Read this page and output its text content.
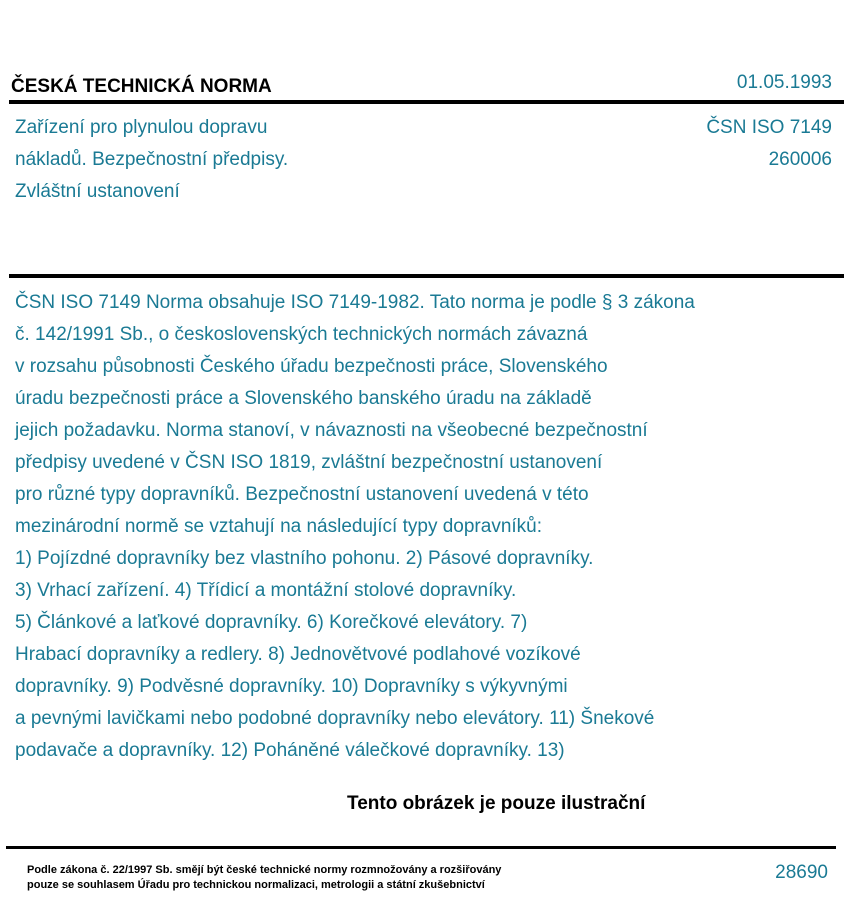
ČESKÁ TECHNICKÁ NORMA	01.05.1993
Zařízení pro plynulou dopravu
nákladů. Bezpečnostní předpisy.
Zvláštní ustanovení
ČSN ISO 7149
260006
ČSN ISO 7149 Norma obsahuje ISO 7149-1982. Tato norma je podle § 3 zákona
č. 142/1991 Sb., o československých technických normách závazná
v rozsahu působnosti Českého úřadu bezpečnosti práce, Slovenského
úradu bezpečnosti práce a Slovenského banského úradu na základě
jejich požadavku. Norma stanoví, v návaznosti na všeobecné bezpečnostní
předpisy uvedené v ČSN ISO 1819, zvláštní bezpečnostní ustanovení
pro různé typy dopravníků. Bezpečnostní ustanovení uvedená v této
mezinárodní normě se vztahují na následující typy dopravníků:
1) Pojízdné dopravníky bez vlastního pohonu. 2) Pásové dopravníky.
3) Vrhací zařízení. 4) Třídicí a montážní stolové dopravníky.
5) Článkové a laťkové dopravníky. 6) Korečkové elevátory. 7)
Hrabací dopravníky a redlery. 8) Jednovětvové podlahové vozíkové
dopravníky. 9) Podvěsné dopravníky. 10) Dopravníky s výkyvnými
a pevnými lavičkami nebo podobné dopravníky nebo elevátory. 11) Šnekové
podavače a dopravníky. 12) Poháněné válečkové dopravníky. 13)
Tento obrázek je pouze ilustrační
Podle zákona č. 22/1997 Sb. smějí být české technické normy rozmnožovány a rozšiřovány
pouze se souhlasem Úřadu pro technickou normalizaci, metrologii a státní zkušebnictví
28690
